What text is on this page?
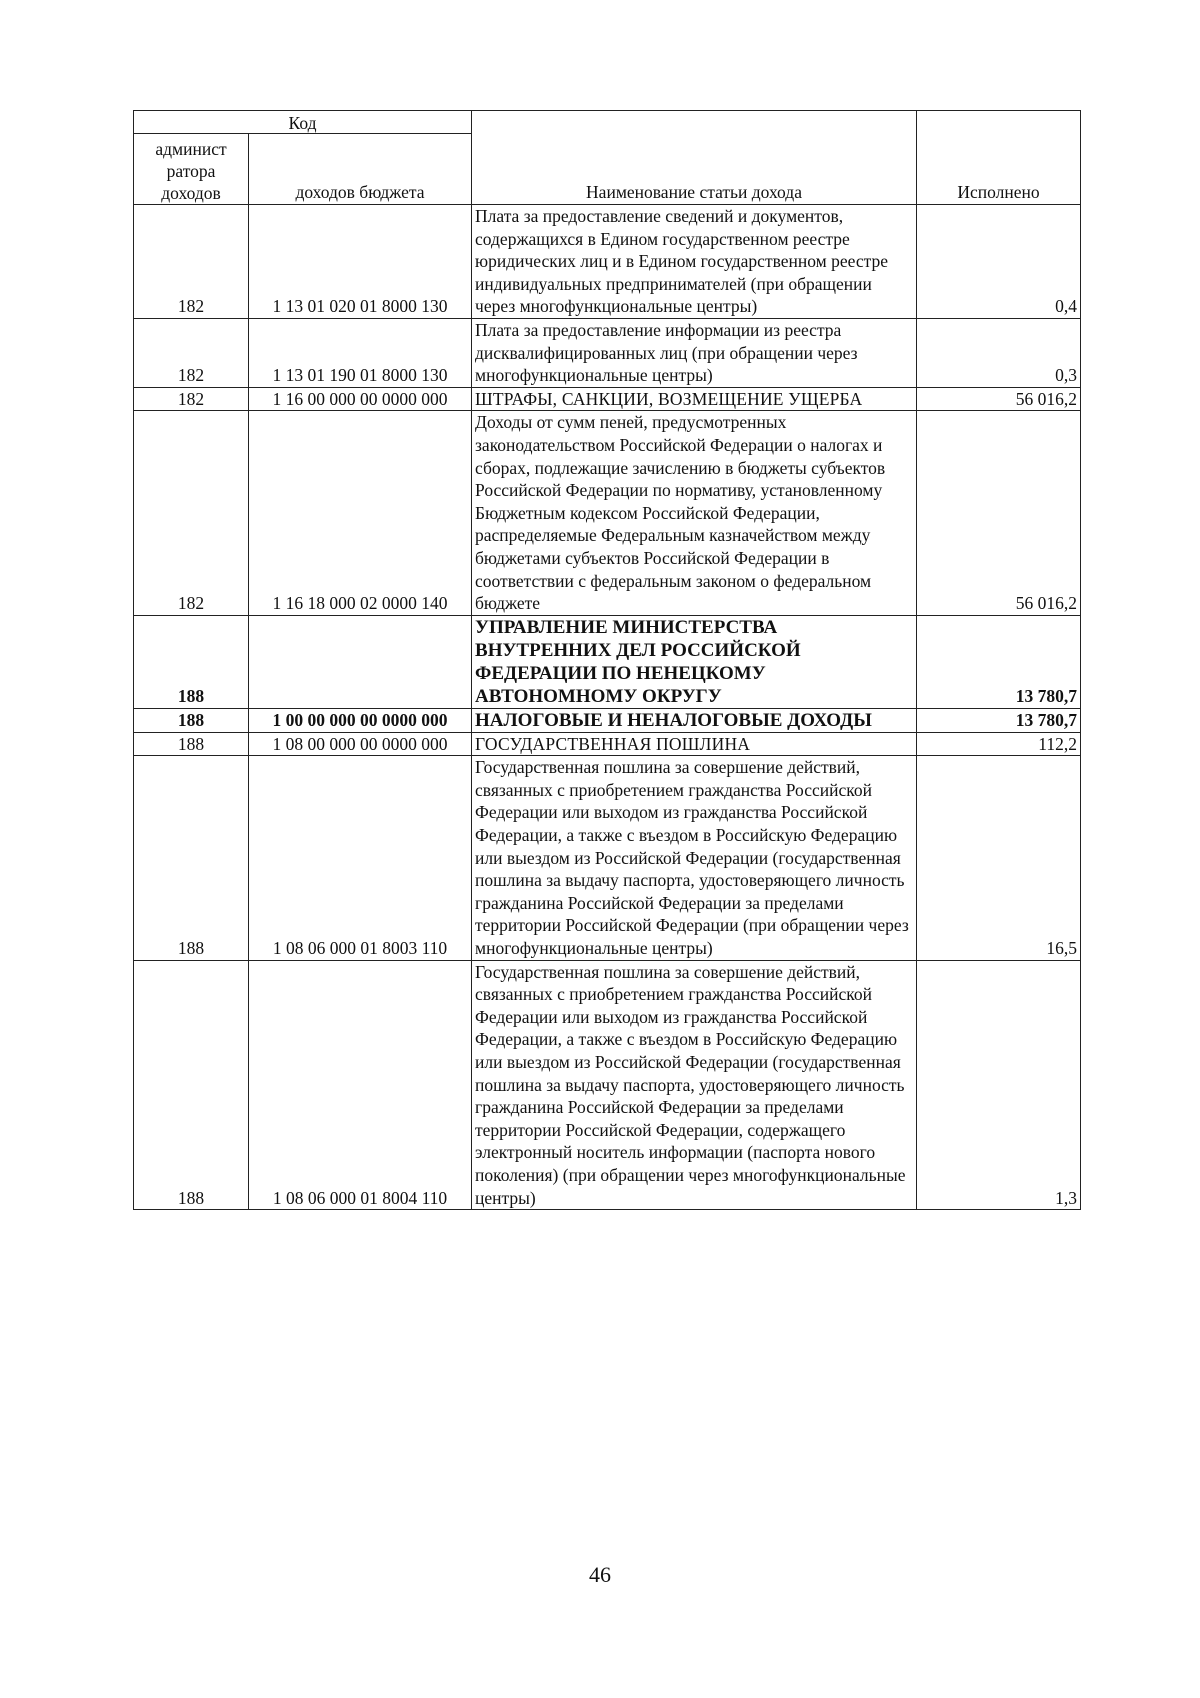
Код		Наименование статьи дохода	Исполнено
админист ратора доходов	доходов бюджета		
182	1 13 01 020 01 8000 130	Плата за предоставление сведений и документов, содержащихся в Едином государственном реестре юридических лиц и в Едином государственном реестре индивидуальных предпринимателей (при обращении через многофункциональные центры)	0,4
182	1 13 01 190 01 8000 130	Плата за предоставление информации из реестра дисквалифицированных лиц (при обращении через многофункциональные центры)	0,3
182	1 16 00 000 00 0000 000	ШТРАФЫ, САНКЦИИ, ВОЗМЕЩЕНИЕ УЩЕРБА	56 016,2
182	1 16 18 000 02 0000 140	Доходы от сумм пеней, предусмотренных законодательством Российской Федерации о налогах и сборах, подлежащие зачислению в бюджеты субъектов Российской Федерации по нормативу, установленному Бюджетным кодексом Российской Федерации, распределяемые Федеральным казначейством между бюджетами субъектов Российской Федерации в соответствии с федеральным законом о федеральном бюджете	56 016,2
188		УПРАВЛЕНИЕ МИНИСТЕРСТВА ВНУТРЕННИХ ДЕЛ РОССИЙСКОЙ ФЕДЕРАЦИИ ПО НЕНЕЦКОМУ АВТОНОМНОМУ ОКРУГУ	13 780,7
188	1 00 00 000 00 0000 000	НАЛОГОВЫЕ И НЕНАЛОГОВЫЕ ДОХОДЫ	13 780,7
188	1 08 00 000 00 0000 000	ГОСУДАРСТВЕННАЯ ПОШЛИНА	112,2
188	1 08 06 000 01 8003 110	Государственная пошлина за совершение действий, связанных с приобретением гражданства Российской Федерации или выходом из гражданства Российской Федерации, а также с въездом в Российскую Федерацию или выездом из Российской Федерации (государственная пошлина за выдачу паспорта, удостоверяющего личность гражданина Российской Федерации за пределами территории Российской Федерации (при обращении через многофункциональные центры)	16,5
188	1 08 06 000 01 8004 110	Государственная пошлина за совершение действий, связанных с приобретением гражданства Российской Федерации или выходом из гражданства Российской Федерации, а также с въездом в Российскую Федерацию или выездом из Российской Федерации (государственная пошлина за выдачу паспорта, удостоверяющего личность гражданина Российской Федерации за пределами территории Российской Федерации, содержащего электронный носитель информации (паспорта нового поколения) (при обращении через многофункциональные центры)	1,3
46
